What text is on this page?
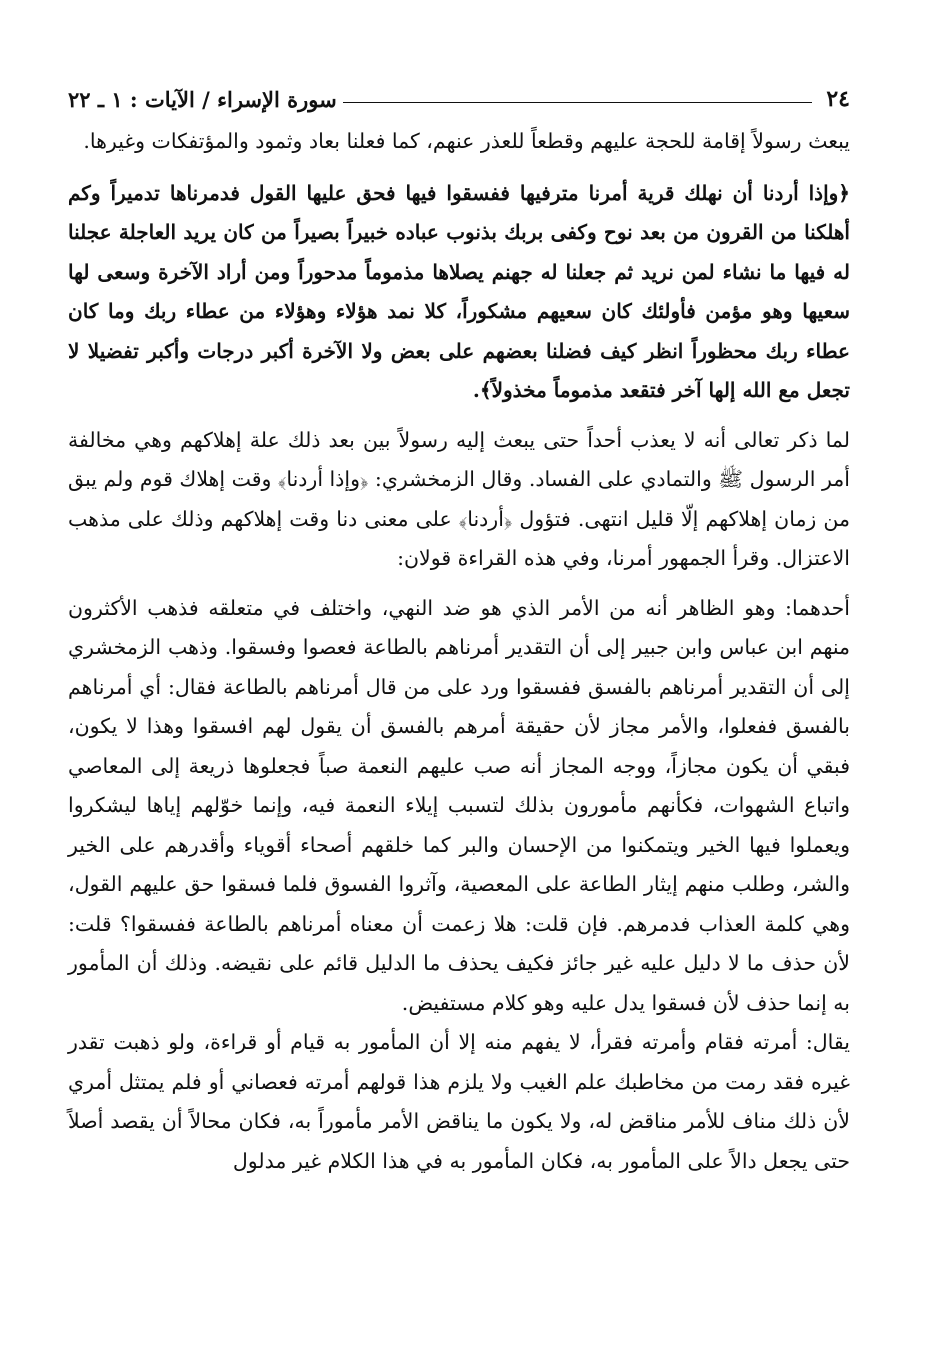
٢٤
سورة الإسراء / الآيات : ١ ـ ٢٢

يبعث رسولاً إقامة للحجة عليهم وقطعاً للعذر عنهم، كما فعلنا بعاد وثمود والمؤتفكات وغيرها.

﴿وإذا أردنا أن نهلك قرية أمرنا مترفيها ففسقوا فيها فحق عليها القول فدمرناها تدميراً وكم أهلكنا من القرون من بعد نوح وكفى بربك بذنوب عباده خبيراً بصيراً من كان يريد العاجلة عجلنا له فيها ما نشاء لمن نريد ثم جعلنا له جهنم يصلاها مذموماً مدحوراً ومن أراد الآخرة وسعى لها سعيها وهو مؤمن فأولئك كان سعيهم مشكوراً، كلا نمد هؤلاء وهؤلاء من عطاء ربك وما كان عطاء ربك محظوراً انظر كيف فضلنا بعضهم على بعض ولا الآخرة أكبر درجات وأكبر تفضيلا لا تجعل مع الله إلها آخر فتقعد مذموماً مخذولاً﴾.

لما ذكر تعالى أنه لا يعذب أحداً حتى يبعث إليه رسولاً بين بعد ذلك علة إهلاكهم وهي مخالفة أمر الرسول ﷺ والتمادي على الفساد. وقال الزمخشري: ﴿وإذا أردنا﴾ وقت إهلاك قوم ولم يبق من زمان إهلاكهم إلّا قليل انتهى. فتؤول ﴿أردنا﴾ على معنى دنا وقت إهلاكهم وذلك على مذهب الاعتزال. وقرأ الجمهور أمرنا، وفي هذه القراءة قولان:

أحدهما: وهو الظاهر أنه من الأمر الذي هو ضد النهي، واختلف في متعلقه فذهب الأكثرون منهم ابن عباس وابن جبير إلى أن التقدير أمرناهم بالطاعة فعصوا وفسقوا. وذهب الزمخشري إلى أن التقدير أمرناهم بالفسق ففسقوا ورد على من قال أمرناهم بالطاعة فقال: أي أمرناهم بالفسق ففعلوا، والأمر مجاز لأن حقيقة أمرهم بالفسق أن يقول لهم افسقوا وهذا لا يكون، فبقي أن يكون مجازاً، ووجه المجاز أنه صب عليهم النعمة صباً فجعلوها ذريعة إلى المعاصي واتباع الشهوات، فكأنهم مأمورون بذلك لتسبب إيلاء النعمة فيه، وإنما خوّلهم إياها ليشكروا ويعملوا فيها الخير ويتمكنوا من الإحسان والبر كما خلقهم أصحاء أقوياء وأقدرهم على الخير والشر، وطلب منهم إيثار الطاعة على المعصية، وآثروا الفسوق فلما فسقوا حق عليهم القول، وهي كلمة العذاب فدمرهم. فإن قلت: هلا زعمت أن معناه أمرناهم بالطاعة ففسقوا؟ قلت: لأن حذف ما لا دليل عليه غير جائز فكيف يحذف ما الدليل قائم على نقيضه. وذلك أن المأمور به إنما حذف لأن فسقوا يدل عليه وهو كلام مستفيض.

يقال: أمرته فقام وأمرته فقرأ، لا يفهم منه إلا أن المأمور به قيام أو قراءة، ولو ذهبت تقدر غيره فقد رمت من مخاطبك علم الغيب ولا يلزم هذا قولهم أمرته فعصاني أو فلم يمتثل أمري لأن ذلك مناف للأمر مناقض له، ولا يكون ما يناقض الأمر مأموراً به، فكان محالاً أن يقصد أصلاً حتى يجعل دالاً على المأمور به، فكان المأمور به في هذا الكلام غير مدلول
